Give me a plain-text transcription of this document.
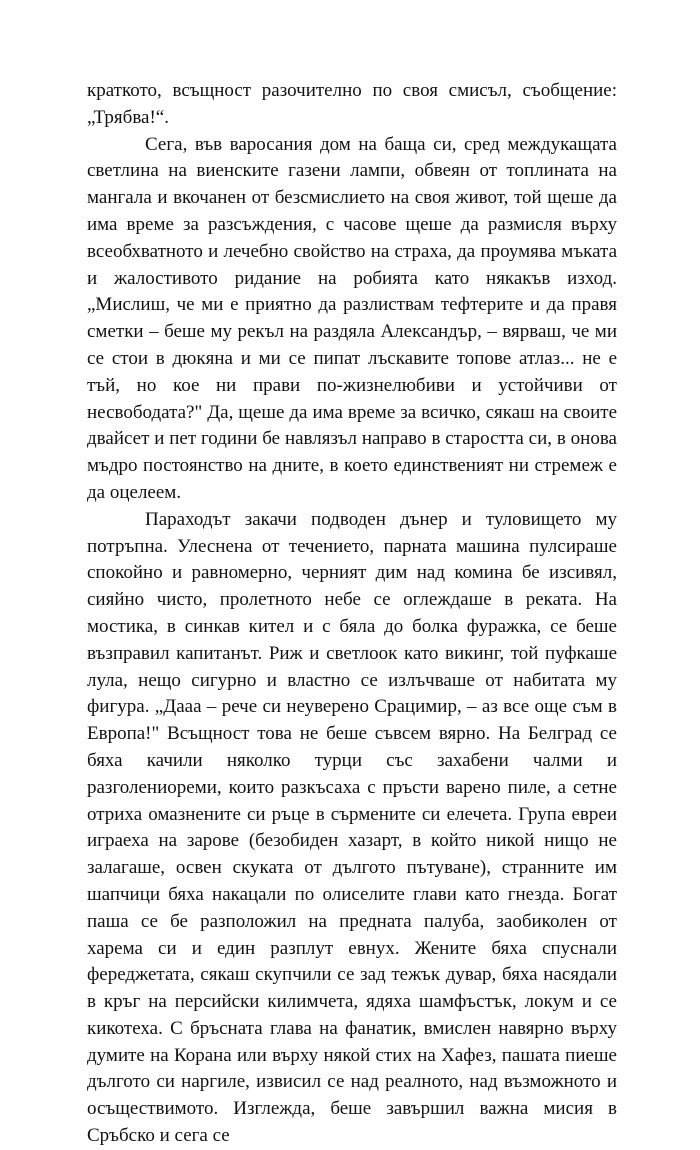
краткото, всъщност разочително по своя смисъл, съобщение: „Трябва!“.

Сега, във варосания дом на баща си, сред междукащата светлина на виенските газени лампи, обвеян от топлината на мангала и вкочанен от безсмислието на своя живот, той щеше да има време за разсъждения, с часове щеше да размисля върху всеобхватното и лечебно свойство на страха, да проумява мъката и жалостивото ридание на робията като някакъв изход. „Мислиш, че ми е приятно да разлиствам тефтерите и да правя сметки – беше му рекъл на раздяла Александър, – вярваш, че ми се стои в дюкяна и ми се пипат лъскавите топове атлаз... не е тъй, но кое ни прави по-жизнелюбиви и устойчиви от несвободата?" Да, щеше да има време за всичко, сякаш на своите двайсет и пет години бе навлязъл направо в старостта си, в онова мъдро постоянство на дните, в което единственият ни стремеж е да оцелеем.

Параходът закачи подводен дънер и туловището му потръпна. Улеснена от течението, парната машина пулсираше спокойно и равномерно, черният дим над комина бе изсивял, сияйно чисто, пролетното небе се оглеждаше в реката. На мостика, в синкав кител и с бяла до болка фуражка, се беше възправил капитанът. Риж и светлоок като викинг, той пуфкаше лула, нещо сигурно и властно се излъчваше от набитата му фигура. „Дааа – рече си неуверено Срацимир, – аз все още съм в Европа!" Всъщност това не беше съвсем вярно. На Белград се бяха качили няколко турци със захабени чалми и разголениореми, които разкъсаха с пръсти варено пиле, а сетне отриха омазнените си ръце в сърмените си елечета. Група евреи играеха на зарове (безобиден хазарт, в който никой нищо не залагаше, освен скуката от дългото пътуване), странните им шапчици бяха накацали по олиселите глави като гнезда. Богат паша се бе разположил на предната палуба, заобиколен от харема си и един разплут евнух. Жените бяха спуснали фереджетата, сякаш скупчили се зад тежък дувар, бяха насядали в кръг на персийски килимчета, ядяха шамфъстък, локум и се кикотеха. С бръсната глава на фанатик, вмислен навярно върху думите на Корана или върху някой стих на Хафез, пашата пиеше дългото си наргиле, извисил се над реалното, над възможното и осъществимото. Изглежда, беше завършил важна мисия в Сръбско и сега се
